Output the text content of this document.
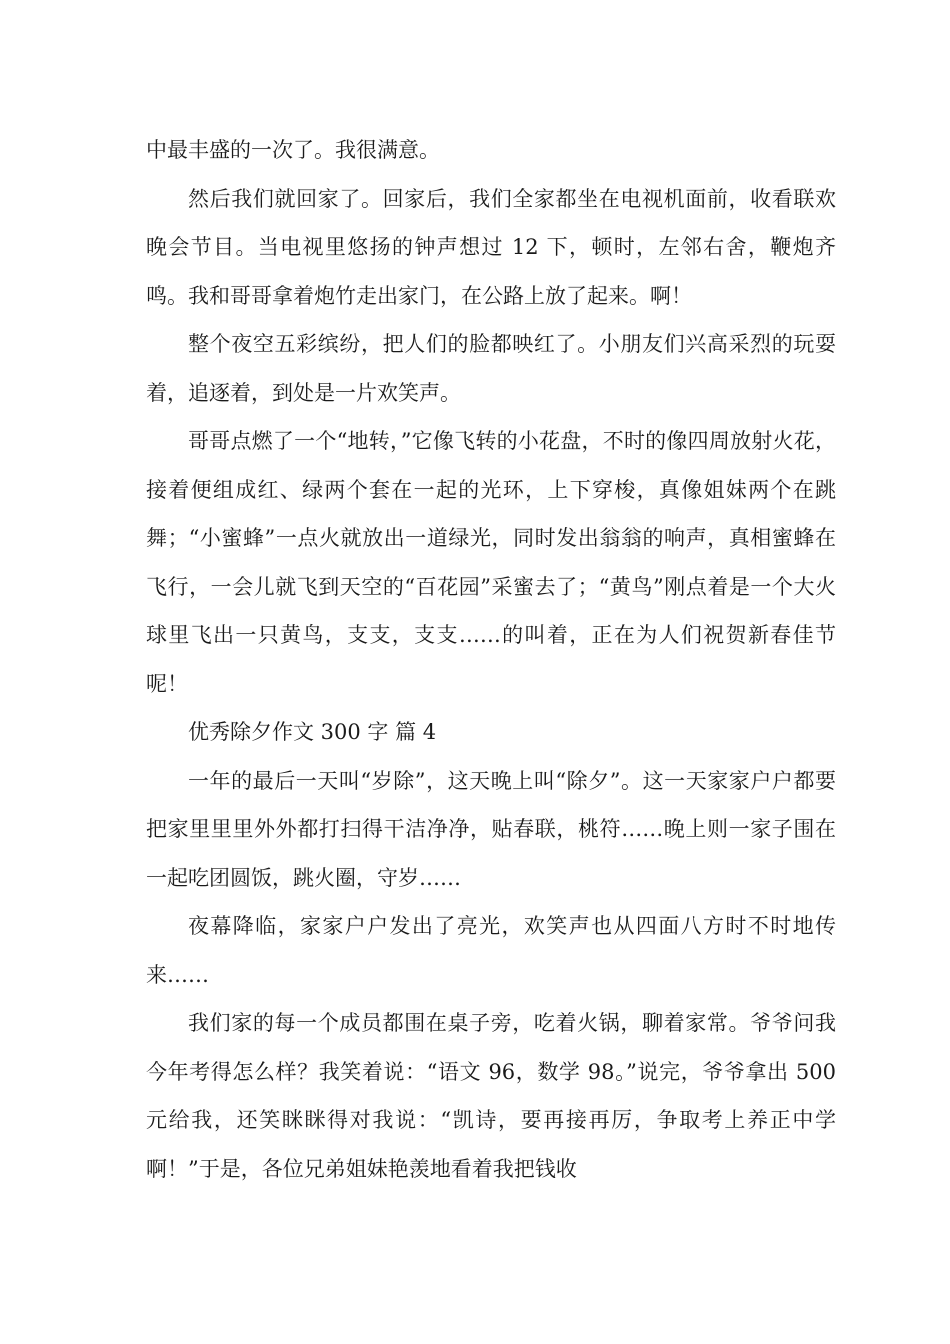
中最丰盛的一次了。我很满意。

然后我们就回家了。回家后，我们全家都坐在电视机面前，收看联欢晚会节目。当电视里悠扬的钟声想过 12 下，顿时，左邻右舍，鞭炮齐鸣。我和哥哥拿着炮竹走出家门，在公路上放了起来。啊！

整个夜空五彩缤纷，把人们的脸都映红了。小朋友们兴高采烈的玩耍着，追逐着，到处是一片欢笑声。

哥哥点燃了一个“地转，”它像飞转的小花盘，不时的像四周放射火花，接着便组成红、绿两个套在一起的光环，上下穿梭，真像姐妹两个在跳舞；“小蜜蜂”一点火就放出一道绿光，同时发出翁翁的响声，真相蜜蜂在飞行，一会儿就飞到天空的“百花园”采蜜去了；“黄鸟”刚点着是一个大火球里飞出一只黄鸟，支支，支支……的叫着，正在为人们祝贺新春佳节呢！

优秀除夕作文 300 字 篇 4

一年的最后一天叫“岁除”，这天晚上叫“除夕”。这一天家家户户都要把家里里里外外都打扫得干洁净净，贴春联，桃符……晚上则一家子围在一起吃团圆饭，跳火圈，守岁……

夜幕降临，家家户户发出了亮光，欢笑声也从四面八方时不时地传来……

我们家的每一个成员都围在桌子旁，吃着火锅，聊着家常。爷爷问我今年考得怎么样？我笑着说：“语文 96，数学 98。”说完，爷爷拿出 500 元给我，还笑眯眯得对我说：“凯诗，要再接再厉，争取考上养正中学啊！”于是，各位兄弟姐妹艳羡地看着我把钱收
